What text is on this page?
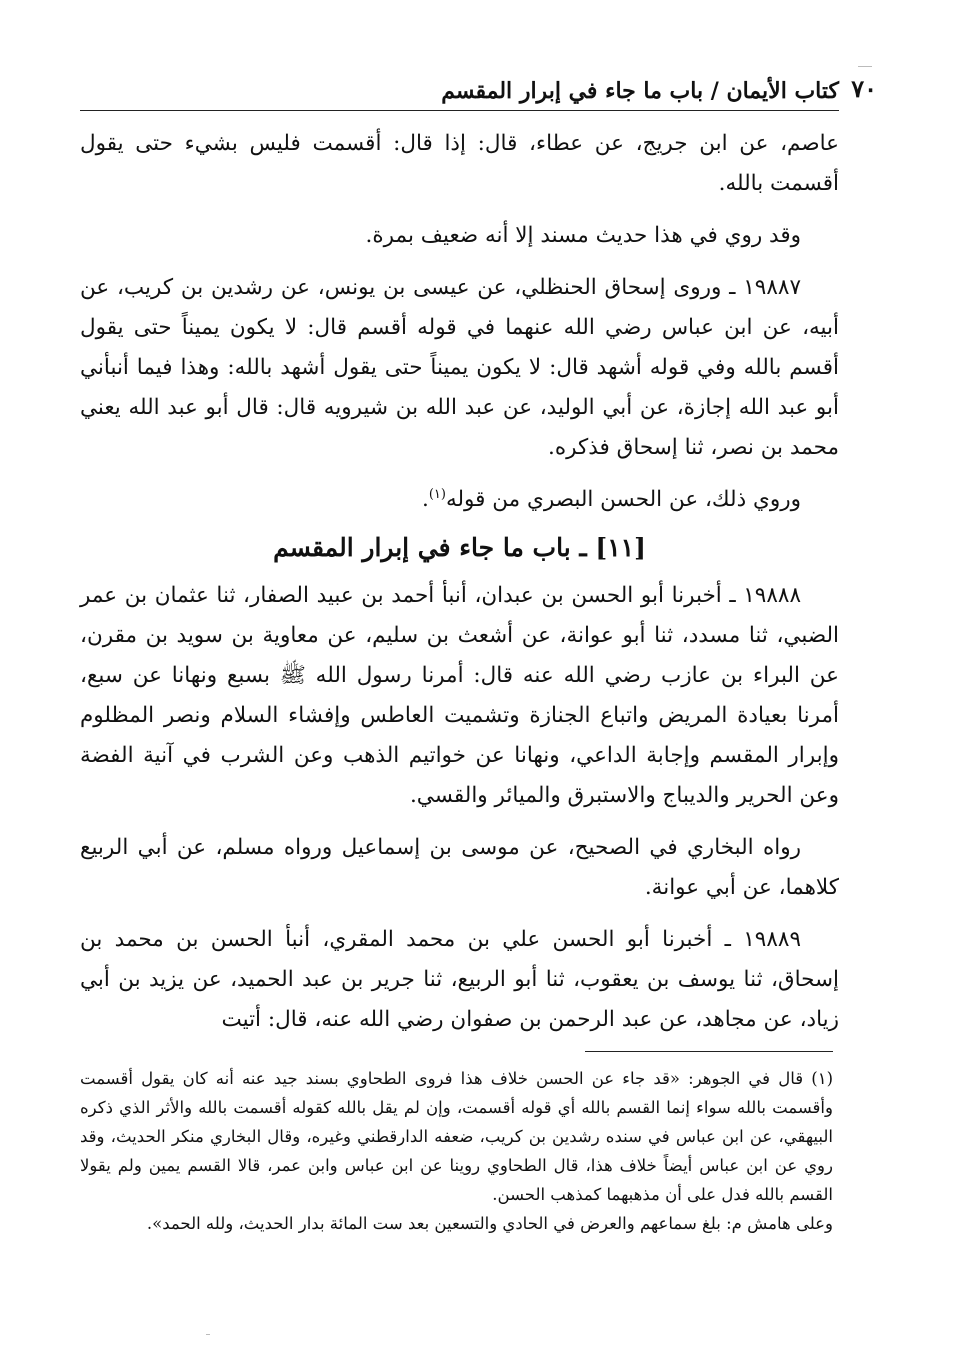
٧٠
كتاب الأيمان / باب ما جاء في إبرار المقسم

عاصم، عن ابن جريج، عن عطاء، قال: إذا قال: أقسمت فليس بشيء حتى يقول أقسمت بالله.

وقد روي في هذا حديث مسند إلا أنه ضعيف بمرة.

١٩٨٨٧ ـ وروى إسحاق الحنظلي، عن عيسى بن يونس، عن رشدين بن كريب، عن أبيه، عن ابن عباس رضي الله عنهما في قوله أقسم قال: لا يكون يميناً حتى يقول أقسم بالله وفي قوله أشهد قال: لا يكون يميناً حتى يقول أشهد بالله: وهذا فيما أنبأني أبو عبد الله إجازة، عن أبي الوليد، عن عبد الله بن شيرويه قال: قال أبو عبد الله يعني محمد بن نصر، ثنا إسحاق فذكره.

وروي ذلك، عن الحسن البصري من قوله$^{(١)}$.

[١١] ـ باب ما جاء في إبرار المقسم

١٩٨٨٨ ـ أخبرنا أبو الحسن بن عبدان، أنبأ أحمد بن عبيد الصفار، ثنا عثمان بن عمر الضبي، ثنا مسدد، ثنا أبو عوانة، عن أشعث بن سليم، عن معاوية بن سويد بن مقرن، عن البراء بن عازب رضي الله عنه قال: أمرنا رسول الله ﷺ بسبع ونهانا عن سبع، أمرنا بعيادة المريض واتباع الجنازة وتشميت العاطس وإفشاء السلام ونصر المظلوم وإبرار المقسم وإجابة الداعي، ونهانا عن خواتيم الذهب وعن الشرب في آنية الفضة وعن الحرير والديباج والاستبرق والميائر والقسي.

رواه البخاري في الصحيح، عن موسى بن إسماعيل ورواه مسلم، عن أبي الربيع كلاهما، عن أبي عوانة.

١٩٨٨٩ ـ أخبرنا أبو الحسن علي بن محمد المقري، أنبأ الحسن بن محمد بن إسحاق، ثنا يوسف بن يعقوب، ثنا أبو الربيع، ثنا جرير بن عبد الحميد، عن يزيد بن أبي زياد، عن مجاهد، عن عبد الرحمن بن صفوان رضي الله عنه، قال: أتيت

(١) قال في الجوهر: «قد جاء عن الحسن خلاف هذا فروى الطحاوي بسند جيد عنه أنه كان يقول أقسمت وأقسمت بالله سواء إنما القسم بالله أي قوله أقسمت، وإن لم يقل بالله كقوله أقسمت بالله والأثر الذي ذكره البيهقي، عن ابن عباس في سنده رشدين بن كريب، ضعفه الدارقطني وغيره، وقال البخاري منكر الحديث، وقد روي عن ابن عباس أيضاً خلاف هذا، قال الطحاوي روينا عن ابن عباس وابن عمر، قالا القسم يمين ولم يقولا القسم بالله فدل على أن مذهبهما كمذهب الحسن.

وعلى هامش م: بلغ سماعهم والعرض في الحادي والتسعين بعد ست المائة بدار الحديث، ولله الحمد».
